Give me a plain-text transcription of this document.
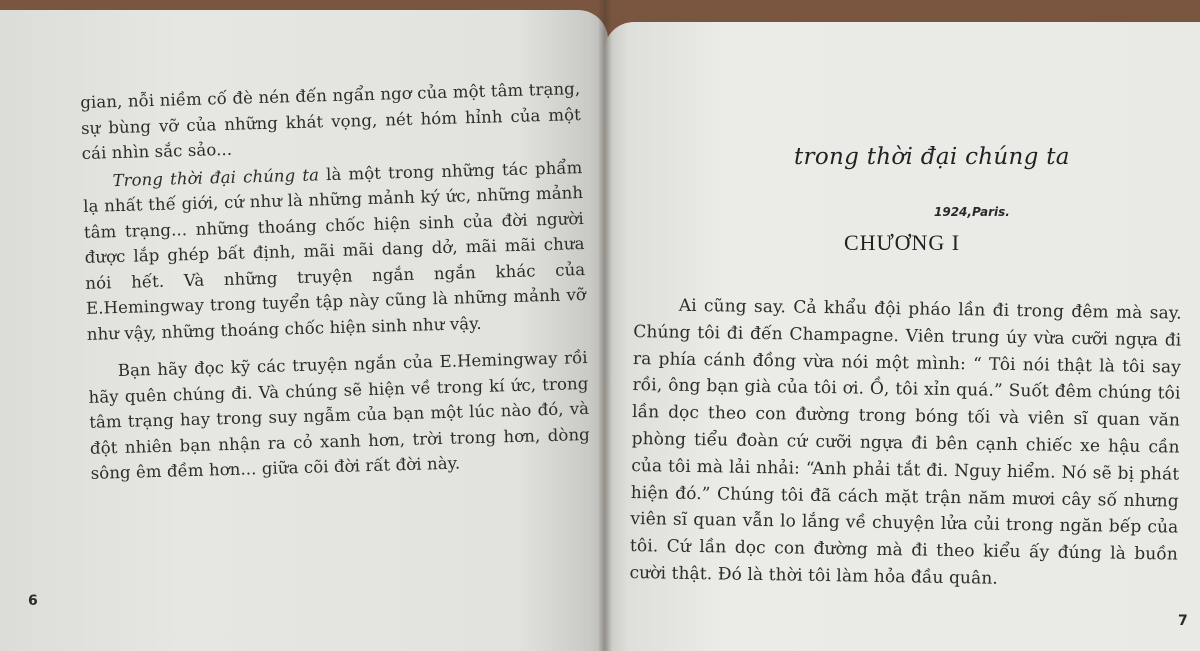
gian, nỗi niềm cố đè nén đến ngẩn ngơ của một tâm trạng, sự bùng vỡ của những khát vọng, nét hóm hỉnh của một cái nhìn sắc sảo...

Trong thời đại chúng ta là một trong những tác phẩm lạ nhất thế giới, cứ như là những mảnh ký ức, những mảnh tâm trạng... những thoáng chốc hiện sinh của đời người được lắp ghép bất định, mãi mãi dang dở, mãi mãi chưa nói hết. Và những truyện ngắn ngắn khác của E.Hemingway trong tuyển tập này cũng là những mảnh vỡ như vậy, những thoáng chốc hiện sinh như vậy.

Bạn hãy đọc kỹ các truyện ngắn của E.Hemingway rồi hãy quên chúng đi. Và chúng sẽ hiện về trong kí ức, trong tâm trạng hay trong suy ngẫm của bạn một lúc nào đó, và đột nhiên bạn nhận ra cỏ xanh hơn, trời trong hơn, dòng sông êm đềm hơn... giữa cõi đời rất đời này.

6
trong thời đại chúng ta
1924,Paris.
CHƯƠNG I

Ai cũng say. Cả khẩu đội pháo lần đi trong đêm mà say. Chúng tôi đi đến Champagne. Viên trung úy vừa cưỡi ngựa đi ra phía cánh đồng vừa nói một mình: “ Tôi nói thật là tôi say rồi, ông bạn già của tôi ơi. Ồ, tôi xỉn quá.” Suốt đêm chúng tôi lần dọc theo con đường trong bóng tối và viên sĩ quan văn phòng tiểu đoàn cứ cưỡi ngựa đi bên cạnh chiếc xe hậu cần của tôi mà lải nhải: “Anh phải tắt đi. Nguy hiểm. Nó sẽ bị phát hiện đó.” Chúng tôi đã cách mặt trận năm mươi cây số nhưng viên sĩ quan vẫn lo lắng về chuyện lửa củi trong ngăn bếp của tôi. Cứ lần dọc con đường mà đi theo kiểu ấy đúng là buồn cười thật. Đó là thời tôi làm hỏa đầu quân.

7
